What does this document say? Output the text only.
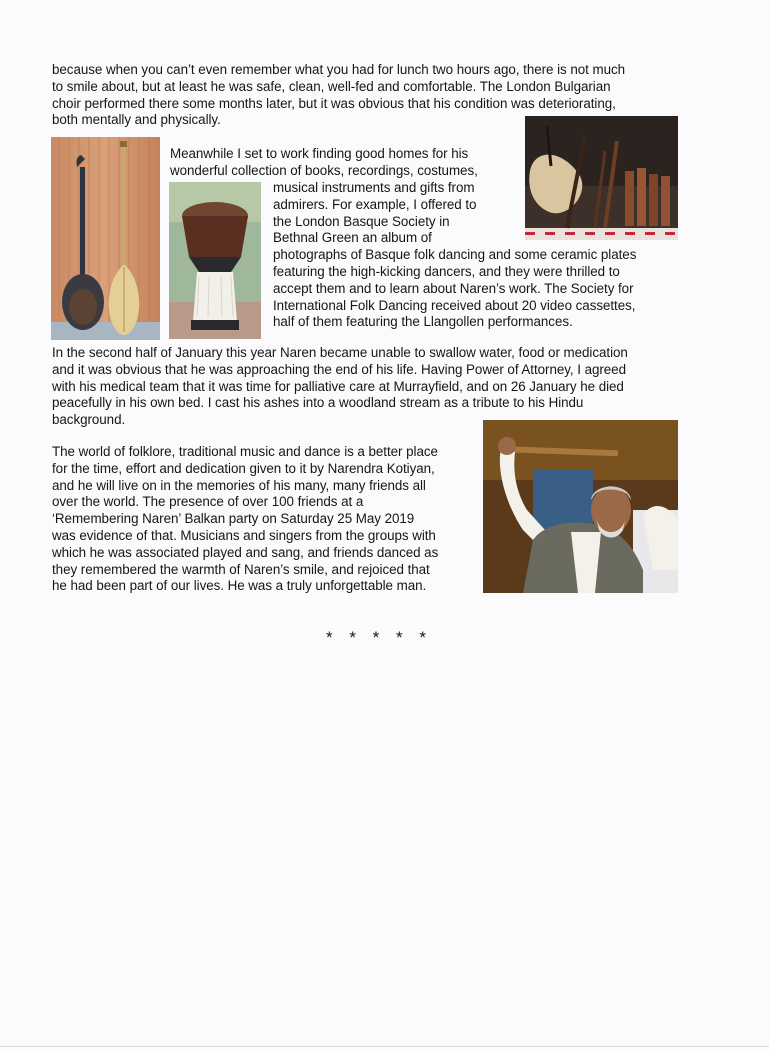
because when you can’t even remember what you had for lunch two hours ago, there is not much
to smile about, but at least he was safe, clean, well-fed and comfortable. The London Bulgarian
choir performed there some months later, but it was obvious that his condition was deteriorating,
both mentally and physically.
Meanwhile I set to work finding good homes for his
wonderful collection of books, recordings, costumes,
musical instruments and gifts from
admirers. For example, I offered to
the London Basque Society in
Bethnal Green an album of
photographs of Basque folk dancing and some ceramic plates
featuring the high-kicking dancers, and they were thrilled to
accept them and to learn about Naren’s work. The Society for
International Folk Dancing received about 20 video cassettes,
half of them featuring the Llangollen performances.
In the second half of January this year Naren became unable to swallow water, food or medication
and it was obvious that he was approaching the end of his life. Having Power of Attorney, I agreed
with his medical team that it was time for palliative care at Murrayfield, and on 26 January he died
peacefully in his own bed. I cast his ashes into a woodland stream as a tribute to his Hindu
background.
The world of folklore, traditional music and dance is a better place
for the time, effort and dedication given to it by Narendra Kotiyan,
and he will live on in the memories of his many, many friends all
over the world. The presence of over 100 friends at a
‘Remembering Naren’ Balkan party on Saturday 25 May 2019
was evidence of that. Musicians and singers from the groups with
which he was associated played and sang, and friends danced as
they remembered the warmth of Naren’s smile, and rejoiced that
he had been part of our lives. He was a truly unforgettable man.
* * * * *
